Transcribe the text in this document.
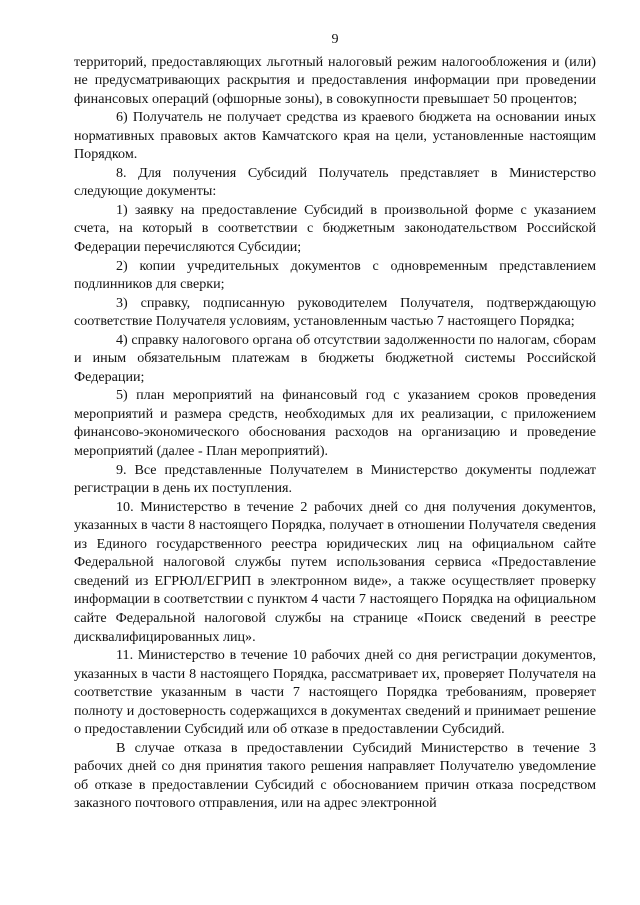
9

территорий, предоставляющих льготный налоговый режим налогообложения и (или) не предусматривающих раскрытия и предоставления информации при проведении финансовых операций (офшорные зоны), в совокупности превышает 50 процентов;

6) Получатель не получает средства из краевого бюджета на основании иных нормативных правовых актов Камчатского края на цели, установленные настоящим Порядком.

8. Для получения Субсидий Получатель представляет в Министерство следующие документы:

1) заявку на предоставление Субсидий в произвольной форме с указанием счета, на который в соответствии с бюджетным законодательством Российской Федерации перечисляются Субсидии;

2) копии учредительных документов с одновременным представлением подлинников для сверки;

3) справку, подписанную руководителем Получателя, подтверждающую соответствие Получателя условиям, установленным частью 7 настоящего Порядка;

4) справку налогового органа об отсутствии задолженности по налогам, сборам и иным обязательным платежам в бюджеты бюджетной системы Российской Федерации;

5) план мероприятий на финансовый год с указанием сроков проведения мероприятий и размера средств, необходимых для их реализации, с приложением финансово-экономического обоснования расходов на организацию и проведение мероприятий (далее - План мероприятий).

9. Все представленные Получателем в Министерство документы подлежат регистрации в день их поступления.

10. Министерство в течение 2 рабочих дней со дня получения документов, указанных в части 8 настоящего Порядка, получает в отношении Получателя сведения из Единого государственного реестра юридических лиц на официальном сайте Федеральной налоговой службы путем использования сервиса «Предоставление сведений из ЕГРЮЛ/ЕГРИП в электронном виде», а также осуществляет проверку информации в соответствии с пунктом 4 части 7 настоящего Порядка на официальном сайте Федеральной налоговой службы на странице «Поиск сведений в реестре дисквалифицированных лиц».

11. Министерство в течение 10 рабочих дней со дня регистрации документов, указанных в части 8 настоящего Порядка, рассматривает их, проверяет Получателя на соответствие указанным в части 7 настоящего Порядка требованиям, проверяет полноту и достоверность содержащихся в документах сведений и принимает решение о предоставлении Субсидий или об отказе в предоставлении Субсидий.

В случае отказа в предоставлении Субсидий Министерство в течение 3 рабочих дней со дня принятия такого решения направляет Получателю уведомление об отказе в предоставлении Субсидий с обоснованием причин отказа посредством заказного почтового отправления, или на адрес электронной
